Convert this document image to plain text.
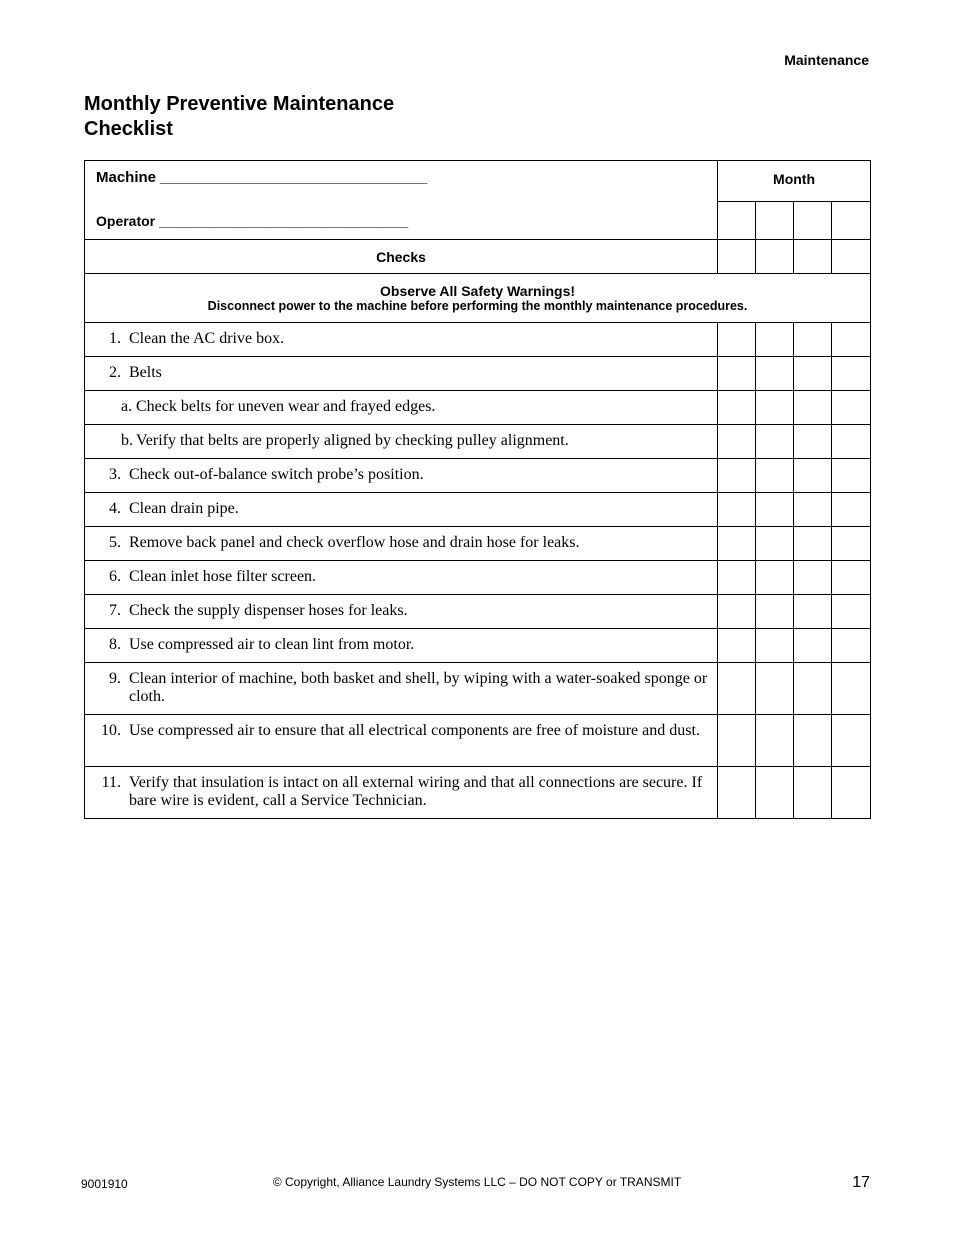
Maintenance
Monthly Preventive Maintenance
Checklist
Machine ________________________________
Operator ________________________________	Month			

Checks				

Observe All Safety Warnings!
Disconnect power to the machine before performing the monthly maintenance procedures.				

1. Clean the AC drive box.				

2. Belts				

a. Check belts for uneven wear and frayed edges.				

b. Verify that belts are properly aligned by checking pulley alignment.				

3. Check out-of-balance switch probe’s position.				

4. Clean drain pipe.				

5. Remove back panel and check overflow hose and drain hose for leaks.				

6. Clean inlet hose filter screen.				

7. Check the supply dispenser hoses for leaks.				

8. Use compressed air to clean lint from motor.				

9. Clean interior of machine, both basket and shell, by wiping with a water-soaked sponge or cloth.				

10. Use compressed air to ensure that all electrical components are free of moisture and dust.				

11. Verify that insulation is intact on all external wiring and that all connections are secure. If bare wire is evident, call a Service Technician.				
9001910	© Copyright, Alliance Laundry Systems LLC – DO NOT COPY or TRANSMIT	17
